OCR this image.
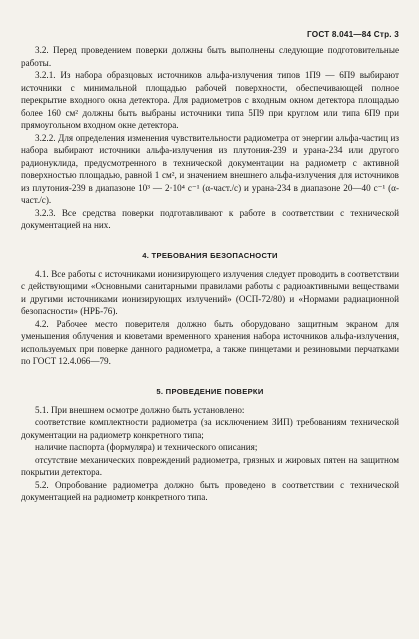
ГОСТ 8.041—84 Стр. 3

3.2. Перед проведением поверки должны быть выполнены следующие подготовительные работы.

3.2.1. Из набора образцовых источников альфа-излучения типов 1П9 — 6П9 выбирают источники с минимальной площадью рабочей поверхности, обеспечивающей полное перекрытие входного окна детектора. Для радиометров с входным окном детектора площадью более 160 см² должны быть выбраны источники типа 5П9 при круглом или типа 6П9 при прямоугольном входном окне детектора.

3.2.2. Для определения изменения чувствительности радиометра от энергии альфа-частиц из набора выбирают источники альфа-излучения из плутония-239 и урана-234 или другого радионуклида, предусмотренного в технической документации на радиометр с активной поверхностью площадью, равной 1 см², и значением внешнего альфа-излучения для источников из плутония-239 в диапазоне 10³ — 2·10⁴ с⁻¹ (α-част./с) и урана-234 в диапазоне 20—40 с⁻¹ (α-част./с).

3.2.3. Все средства поверки подготавливают к работе в соответствии с технической документацией на них.

4. ТРЕБОВАНИЯ БЕЗОПАСНОСТИ

4.1. Все работы с источниками ионизирующего излучения следует проводить в соответствии с действующими «Основными санитарными правилами работы с радиоактивными веществами и другими источниками ионизирующих излучений» (ОСП-72/80) и «Нормами радиационной безопасности» (НРБ-76).

4.2. Рабочее место поверителя должно быть оборудовано защитным экраном для уменьшения облучения и кюветами временного хранения набора источников альфа-излучения, используемых при поверке данного радиометра, а также пинцетами и резиновыми перчатками по ГОСТ 12.4.066—79.

5. ПРОВЕДЕНИЕ ПОВЕРКИ

5.1. При внешнем осмотре должно быть установлено:

соответствие комплектности радиометра (за исключением ЗИП) требованиям технической документации на радиометр конкретного типа;

наличие паспорта (формуляра) и технического описания;

отсутствие механических повреждений радиометра, грязных и жировых пятен на защитном покрытии детектора.

5.2. Опробование радиометра должно быть проведено в соответствии с технической документацией на радиометр конкретного типа.
